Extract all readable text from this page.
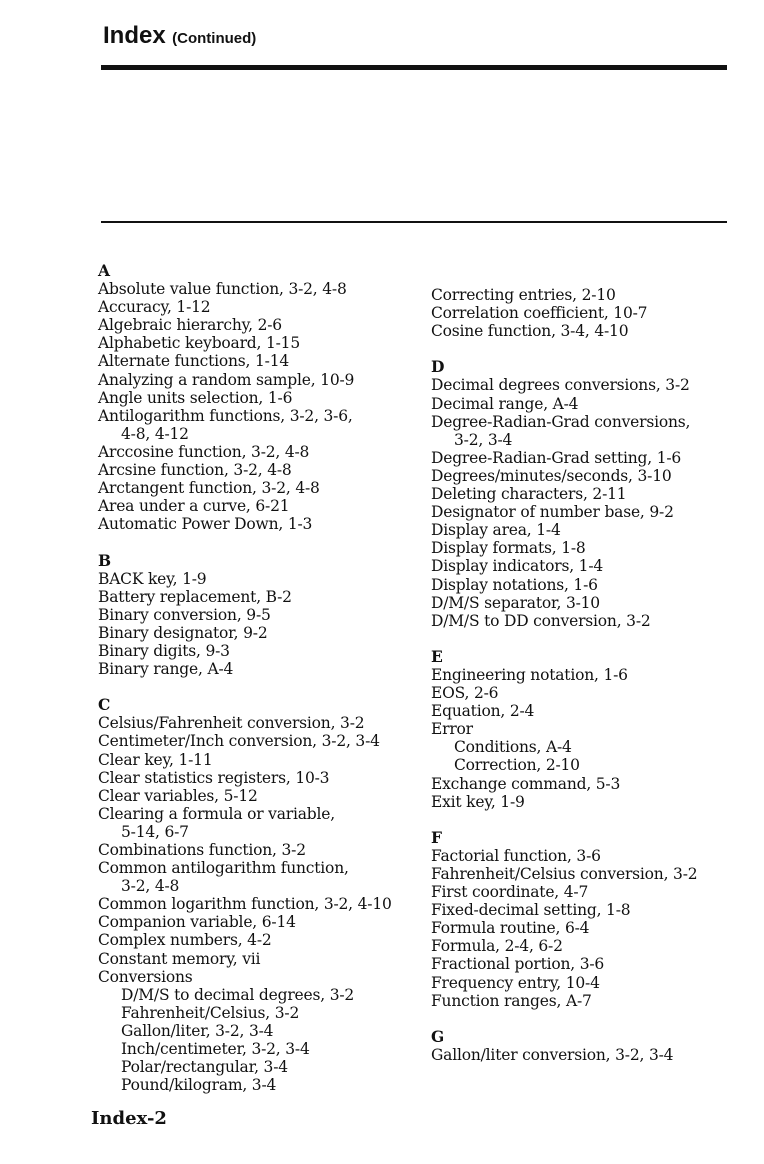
Index (Continued)
A
Absolute value function, 3-2, 4-8
Accuracy, 1-12
Algebraic hierarchy, 2-6
Alphabetic keyboard, 1-15
Alternate functions, 1-14
Analyzing a random sample, 10-9
Angle units selection, 1-6
Antilogarithm functions, 3-2, 3-6,
4-8, 4-12
Arccosine function, 3-2, 4-8
Arcsine function, 3-2, 4-8
Arctangent function, 3-2, 4-8
Area under a curve, 6-21
Automatic Power Down, 1-3
B
BACK key, 1-9
Battery replacement, B-2
Binary conversion, 9-5
Binary designator, 9-2
Binary digits, 9-3
Binary range, A-4
C
Celsius/Fahrenheit conversion, 3-2
Centimeter/Inch conversion, 3-2, 3-4
Clear key, 1-11
Clear statistics registers, 10-3
Clear variables, 5-12
Clearing a formula or variable,
5-14, 6-7
Combinations function, 3-2
Common antilogarithm function,
3-2, 4-8
Common logarithm function, 3-2, 4-10
Companion variable, 6-14
Complex numbers, 4-2
Constant memory, vii
Conversions
D/M/S to decimal degrees, 3-2
Fahrenheit/Celsius, 3-2
Gallon/liter, 3-2, 3-4
Inch/centimeter, 3-2, 3-4
Polar/rectangular, 3-4
Pound/kilogram, 3-4
Correcting entries, 2-10
Correlation coefficient, 10-7
Cosine function, 3-4, 4-10
D
Decimal degrees conversions, 3-2
Decimal range, A-4
Degree-Radian-Grad conversions,
3-2, 3-4
Degree-Radian-Grad setting, 1-6
Degrees/minutes/seconds, 3-10
Deleting characters, 2-11
Designator of number base, 9-2
Display area, 1-4
Display formats, 1-8
Display indicators, 1-4
Display notations, 1-6
D/M/S separator, 3-10
D/M/S to DD conversion, 3-2
E
Engineering notation, 1-6
EOS, 2-6
Equation, 2-4
Error
Conditions, A-4
Correction, 2-10
Exchange command, 5-3
Exit key, 1-9
F
Factorial function, 3-6
Fahrenheit/Celsius conversion, 3-2
First coordinate, 4-7
Fixed-decimal setting, 1-8
Formula routine, 6-4
Formula, 2-4, 6-2
Fractional portion, 3-6
Frequency entry, 10-4
Function ranges, A-7
G
Gallon/liter conversion, 3-2, 3-4
Index-2
